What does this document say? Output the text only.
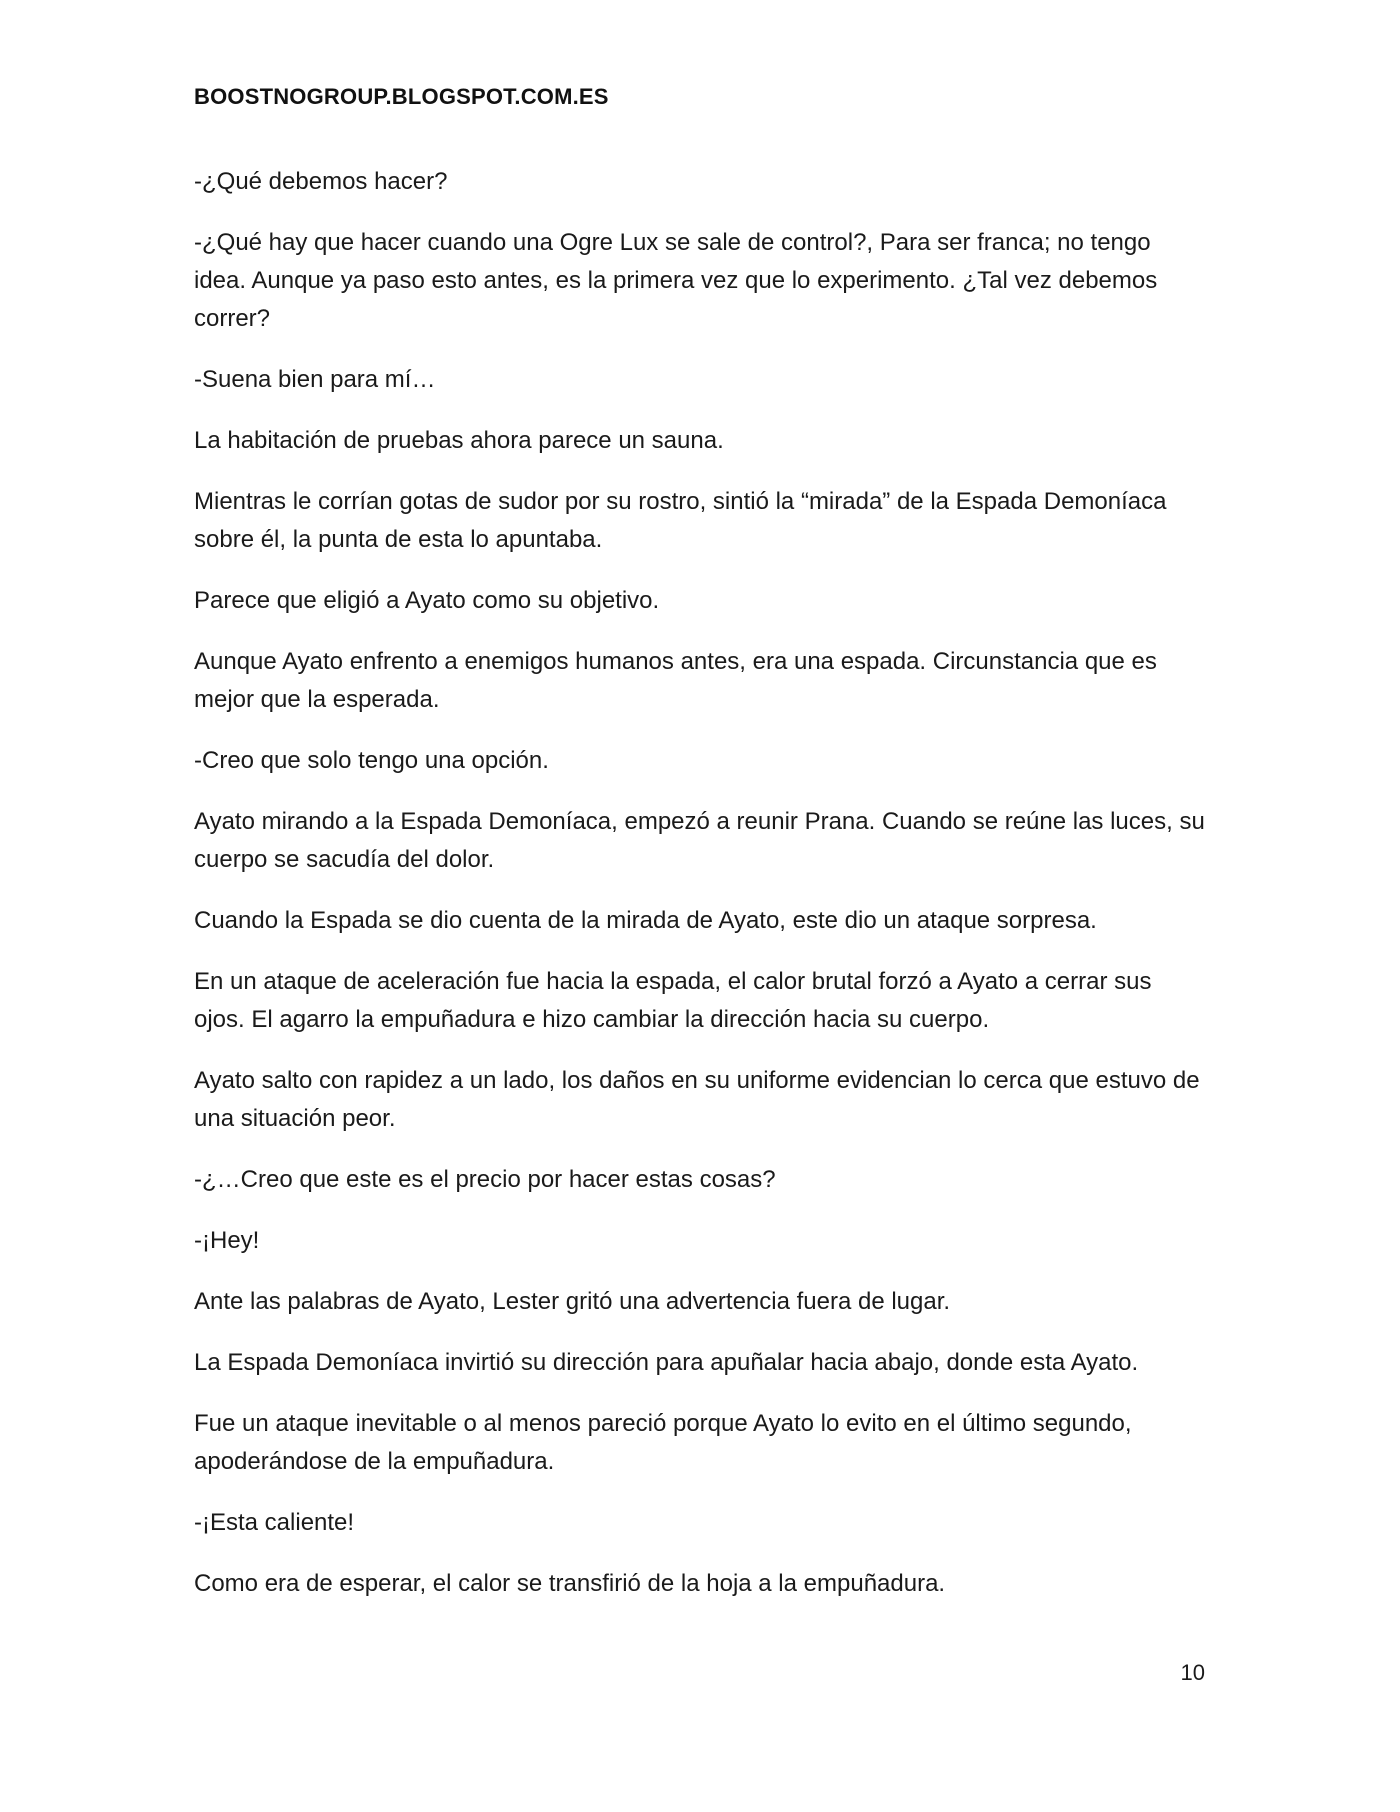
BOOSTNOGROUP.BLOGSPOT.COM.ES

-¿Qué debemos hacer?

-¿Qué hay que hacer cuando una Ogre Lux se sale de control?, Para ser franca; no tengo idea. Aunque ya paso esto antes, es la primera vez que lo experimento. ¿Tal vez debemos correr?

-Suena bien para mí…

La habitación de pruebas ahora parece un sauna.

Mientras le corrían gotas de sudor por su rostro, sintió la “mirada” de la Espada Demoníaca sobre él, la punta de esta lo apuntaba.

Parece que eligió a Ayato como su objetivo.

Aunque Ayato enfrento a enemigos humanos antes, era una espada. Circunstancia que es mejor que la esperada.

-Creo que solo tengo una opción.

Ayato mirando a la Espada Demoníaca, empezó a reunir Prana. Cuando se reúne las luces, su cuerpo se sacudía del dolor.

Cuando la Espada se dio cuenta de la mirada de Ayato, este dio un ataque sorpresa.

En un ataque de aceleración fue hacia la espada, el calor brutal forzó a Ayato a cerrar sus ojos. El agarro la empuñadura e hizo cambiar la dirección hacia su cuerpo.

Ayato salto con rapidez a un lado, los daños en su uniforme evidencian lo cerca que estuvo de una situación peor.

-¿…Creo que este es el precio por hacer estas cosas?

-¡Hey!

Ante las palabras de Ayato, Lester gritó una advertencia fuera de lugar.

La Espada Demoníaca invirtió su dirección para apuñalar hacia abajo, donde esta Ayato.

Fue un ataque inevitable o al menos pareció porque Ayato lo evito en el último segundo, apoderándose de la empuñadura.

-¡Esta caliente!

Como era de esperar, el calor se transfirió de la hoja a la empuñadura.

10
